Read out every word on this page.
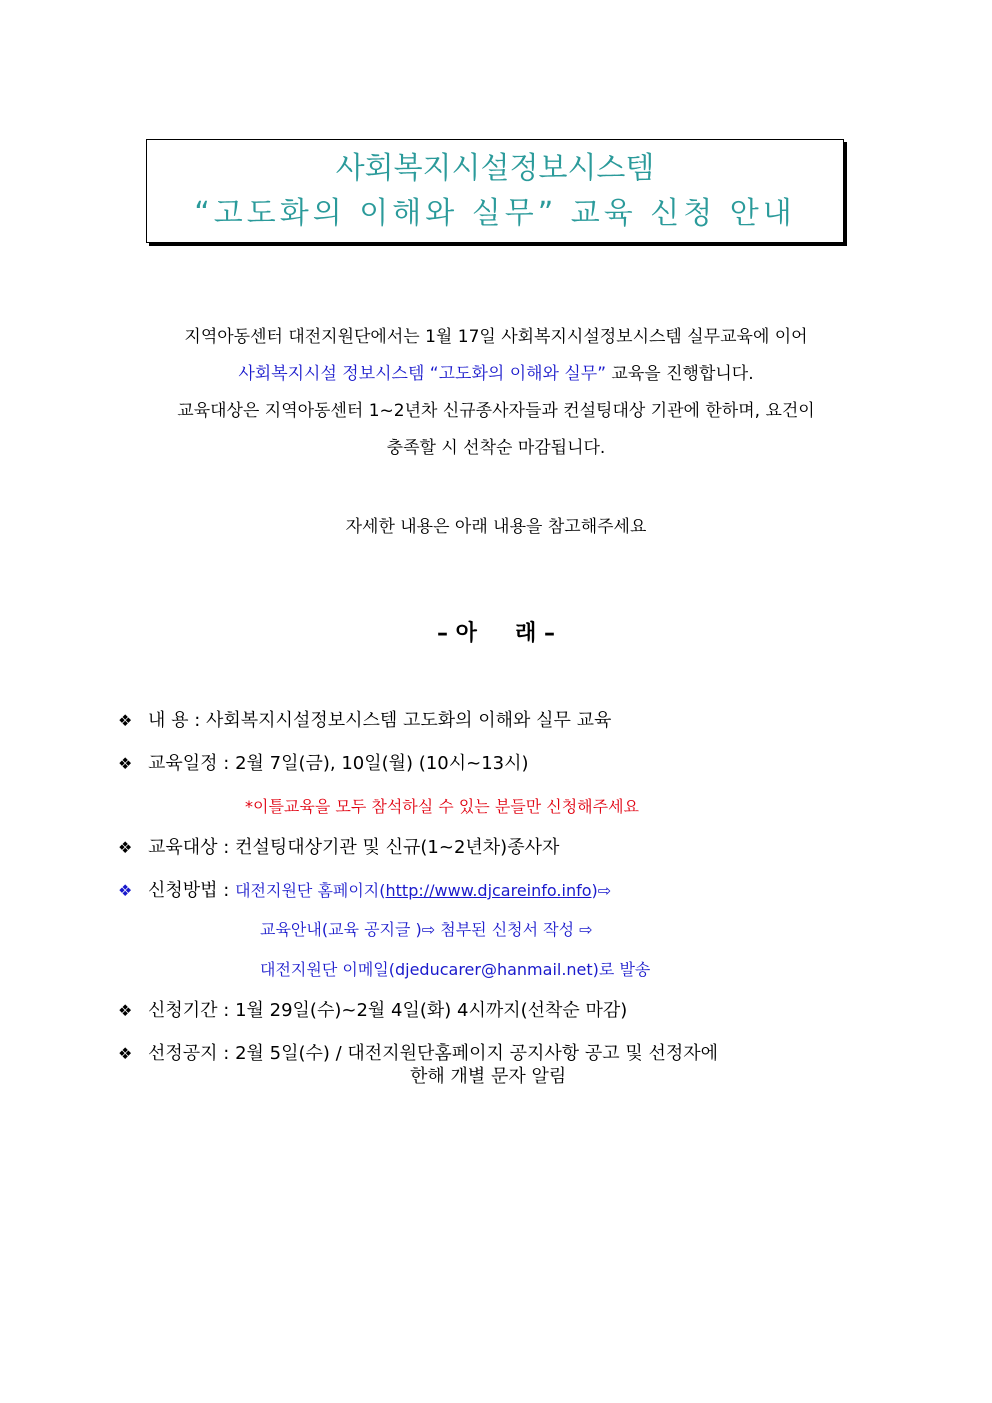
사회복지시설정보시스템
“고도화의 이해와 실무” 교육 신청 안내
지역아동센터 대전지원단에서는 1월 17일 사회복지시설정보시스템 실무교육에 이어
사회복지시설 정보시스템 “고도화의 이해와 실무” 교육을 진행합니다.
교육대상은 지역아동센터 1~2년차 신규종사자들과 컨설팅대상 기관에 한하며, 요건이
충족할 시 선착순 마감됩니다.
자세한 내용은 아래 내용을 참고해주세요
– 아     래 –
❖ 내 용 : 사회복지시설정보시스템 고도화의 이해와 실무 교육
❖ 교육일정 : 2월 7일(금), 10일(월) (10시~13시)
*이틀교육을 모두 참석하실 수 있는 분들만 신청해주세요
❖ 교육대상 : 컨설팅대상기관 및 신규(1~2년차)종사자
❖ 신청방법 : 대전지원단 홈페이지(http://www.djcareinfo.info)⇨
교육안내(교육 공지글 )⇨ 첨부된 신청서 작성 ⇨
대전지원단 이메일(djeducarer@hanmail.net)로 발송
❖ 신청기간 : 1월 29일(수)~2월 4일(화) 4시까지(선착순 마감)
❖ 선정공지 : 2월 5일(수) / 대전지원단홈페이지 공지사항 공고 및 선정자에
한해 개별 문자 알림
